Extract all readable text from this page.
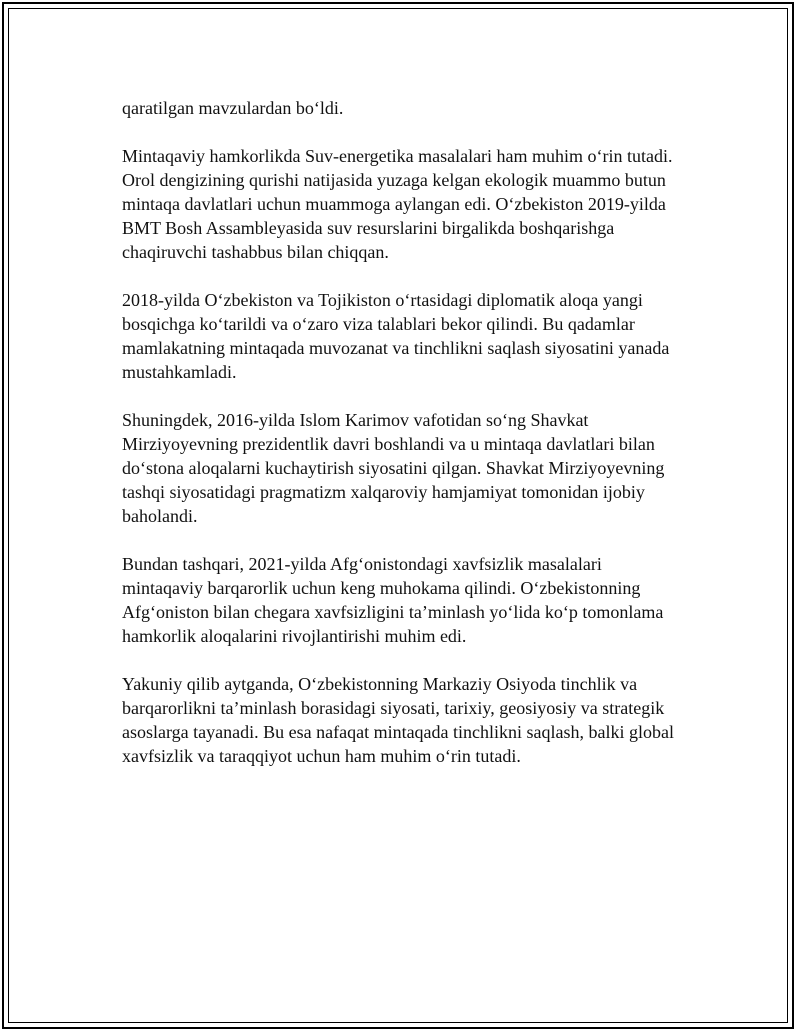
qaratilgan mavzulardan bo‘ldi.

Mintaqaviy hamkorlikda Suv-energetika masalalari ham muhim o‘rin tutadi.
Orol dengizining qurishi natijasida yuzaga kelgan ekologik muammo butun
mintaqa davlatlari uchun muammoga aylangan edi. O‘zbekiston 2019-yilda
BMT Bosh Assambleyasida suv resurslarini birgalikda boshqarishga
chaqiruvchi tashabbus bilan chiqqan.

2018-yilda O‘zbekiston va Tojikiston o‘rtasidagi diplomatik aloqa yangi
bosqichga ko‘tarildi va o‘zaro viza talablari bekor qilindi. Bu qadamlar
mamlakatning mintaqada muvozanat va tinchlikni saqlash siyosatini yanada
mustahkamladi.

Shuningdek, 2016-yilda Islom Karimov vafotidan so‘ng Shavkat
Mirziyoyevning prezidentlik davri boshlandi va u mintaqa davlatlari bilan
do‘stona aloqalarni kuchaytirish siyosatini qilgan. Shavkat Mirziyoyevning
tashqi siyosatidagi pragmatizm xalqaroviy hamjamiyat tomonidan ijobiy
baholandi.

Bundan tashqari, 2021-yilda Afg‘onistondagi xavfsizlik masalalari
mintaqaviy barqarorlik uchun keng muhokama qilindi. O‘zbekistonning
Afg‘oniston bilan chegara xavfsizligini ta’minlash yo‘lida ko‘p tomonlama
hamkorlik aloqalarini rivojlantirishi muhim edi.

Yakuniy qilib aytganda, O‘zbekistonning Markaziy Osiyoda tinchlik va
barqarorlikni ta’minlash borasidagi siyosati, tarixiy, geosiyosiy va strategik
asoslarga tayanadi. Bu esa nafaqat mintaqada tinchlikni saqlash, balki global
xavfsizlik va taraqqiyot uchun ham muhim o‘rin tutadi.
